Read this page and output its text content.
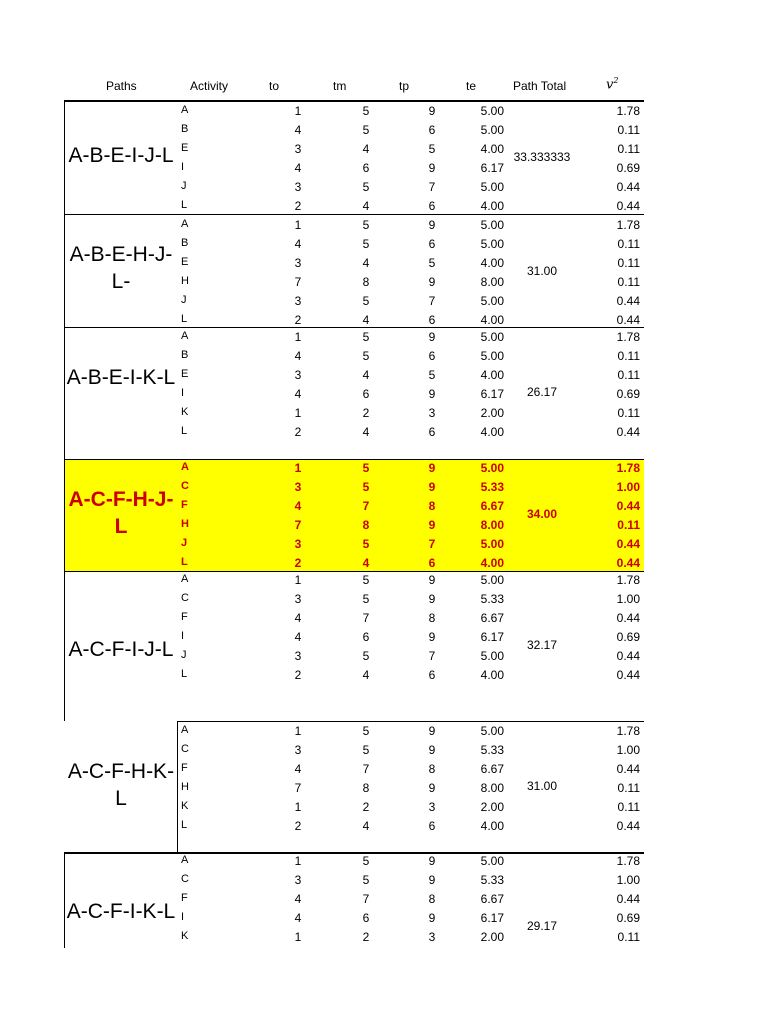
Paths	Activity	to	tm	tp	te	Path Total	$v^2$
A-B-E-I-J-L	33.333333
A	1	5	9	5.00	1.78
B	4	5	6	5.00	0.11
E	3	4	5	4.00	0.11
I	4	6	9	6.17	0.69
J	3	5	7	5.00	0.44
L	2	4	6	4.00	0.44
A-B-E-H-J-L-	31.00
A	1	5	9	5.00	1.78
B	4	5	6	5.00	0.11
E	3	4	5	4.00	0.11
H	7	8	9	8.00	0.11
J	3	5	7	5.00	0.44
L	2	4	6	4.00	0.44
A-B-E-I-K-L
26.17
A	1	5	9	5.00	1.78
B	4	5	6	5.00	0.11
E	3	4	5	4.00	0.11
I	4	6	9	6.17	0.69
K	1	2	3	2.00	0.11
L	2	4	6	4.00	0.44
A-C-F-H-J-L
34.00
A	1	5	9	5.00	1.78
C	3	5	9	5.33	1.00
F	4	7	8	6.67	0.44
H	7	8	9	8.00	0.11
J	3	5	7	5.00	0.44
L	2	4	6	4.00	0.44
A-C-F-I-J-L	32.17
A	1	5	9	5.00	1.78
C	3	5	9	5.33	1.00
F	4	7	8	6.67	0.44
I	4	6	9	6.17	0.69
J	3	5	7	5.00	0.44
L	2	4	6	4.00	0.44
A-C-F-H-K-L
31.00
A	1	5	9	5.00	1.78
C	3	5	9	5.33	1.00
F	4	7	8	6.67	0.44
H	7	8	9	8.00	0.11
K	1	2	3	2.00	0.11
L	2	4	6	4.00	0.44
A-C-F-I-K-L
29.17
A	1	5	9	5.00	1.78
C	3	5	9	5.33	1.00
F	4	7	8	6.67	0.44
I	4	6	9	6.17	0.69
K	1	2	3	2.00	0.11
